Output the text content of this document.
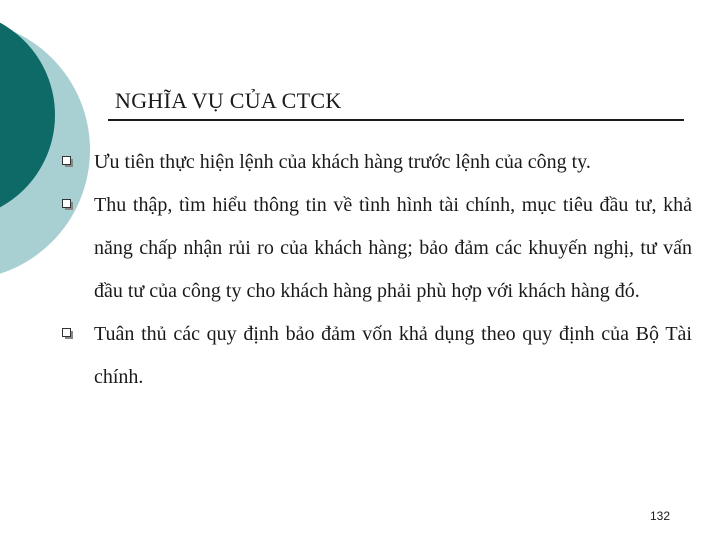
NGHĨA VỤ CỦA CTCK
Ưu tiên thực hiện lệnh của khách hàng trước lệnh của công ty.
Thu thập, tìm hiểu thông tin về tình hình tài chính, mục tiêu đầu tư, khả năng chấp nhận rủi ro của khách hàng; bảo đảm các khuyến nghị, tư vấn đầu tư của công ty cho khách hàng phải phù hợp với khách hàng đó.
Tuân thủ các quy định bảo đảm vốn khả dụng theo quy định của Bộ Tài chính.
132
